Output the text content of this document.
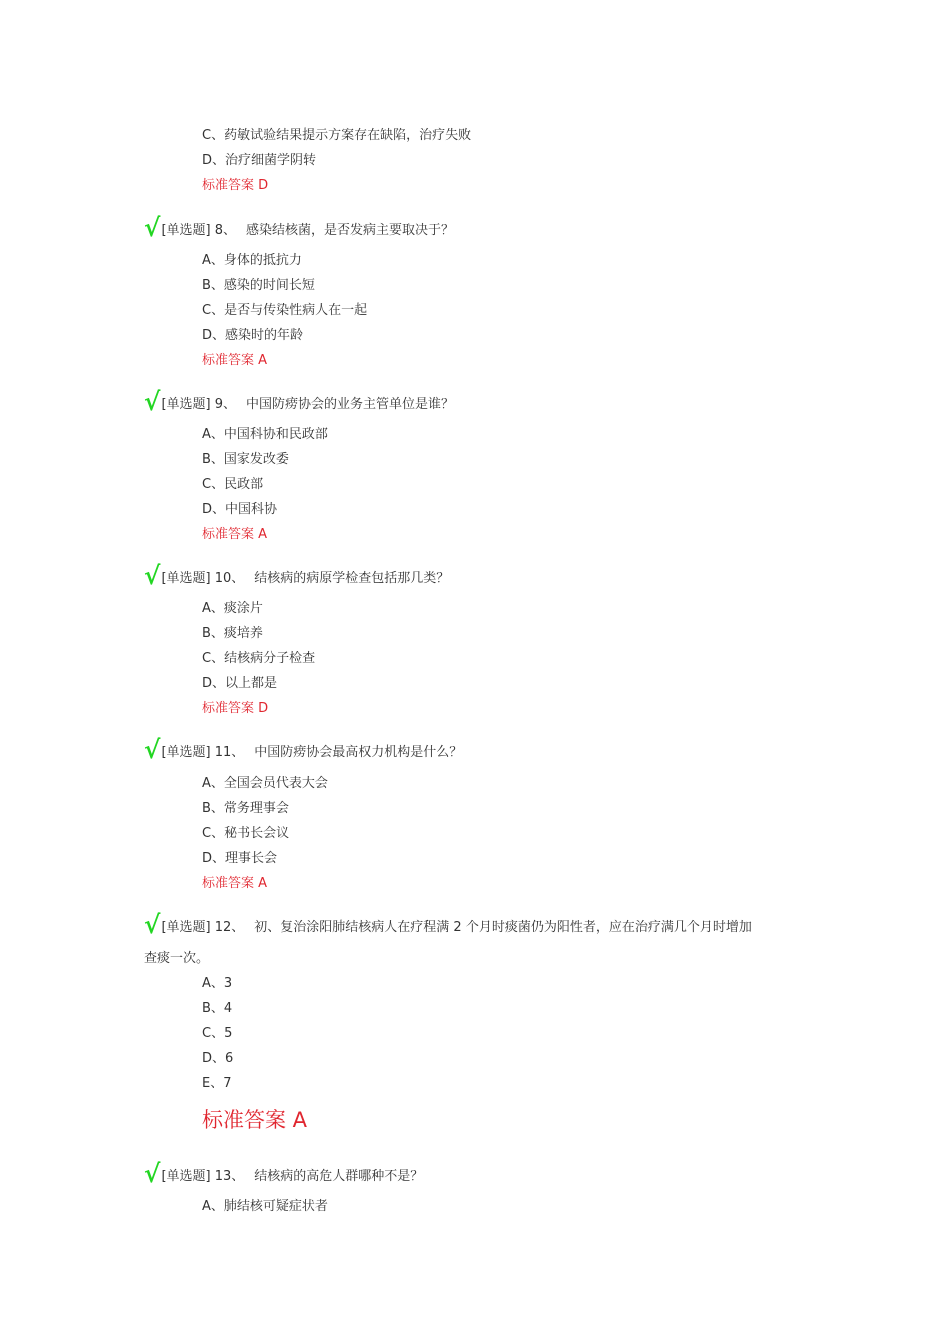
C、药敏试验结果提示方案存在缺陷，治疗失败
D、治疗细菌学阴转
标准答案 D
√[单选题] 8、 感染结核菌，是否发病主要取决于？
A、身体的抵抗力
B、感染的时间长短
C、是否与传染性病人在一起
D、感染时的年龄
标准答案 A
√[单选题] 9、 中国防痨协会的业务主管单位是谁？
A、中国科协和民政部
B、国家发改委
C、民政部
D、中国科协
标准答案 A
√[单选题] 10、 结核病的病原学检查包括那几类？
A、痰涂片
B、痰培养
C、结核病分子检查
D、以上都是
标准答案 D
√[单选题] 11、 中国防痨协会最高权力机构是什么？
A、全国会员代表大会
B、常务理事会
C、秘书长会议
D、理事长会
标准答案 A
√[单选题] 12、 初、复治涂阳肺结核病人在疗程满 2 个月时痰菌仍为阳性者，应在治疗满几个月时增加
查痰一次。
A、3
B、4
C、5
D、6
E、7
标准答案 A
√[单选题] 13、 结核病的高危人群哪种不是？
A、肺结核可疑症状者
